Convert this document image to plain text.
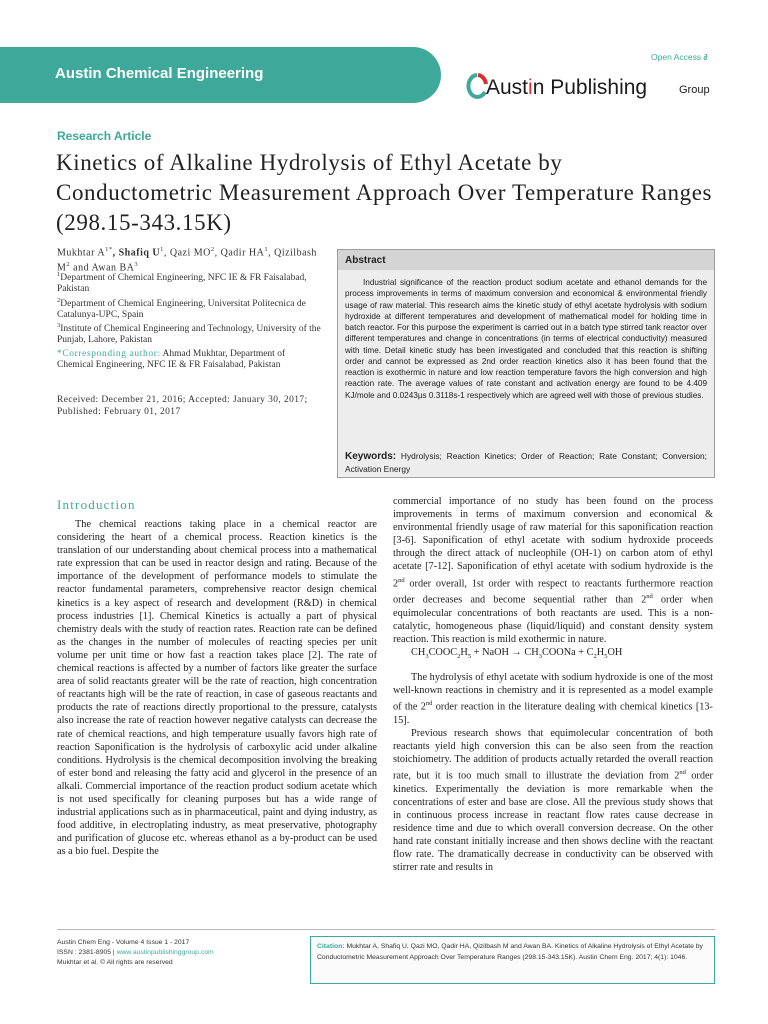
Austin Chemical Engineering
Open Access ∂
Austin Publishing	Group
Research Article
Kinetics of Alkaline Hydrolysis of Ethyl Acetate by Conductometric Measurement Approach Over Temperature Ranges (298.15-343.15K)
Mukhtar $A^{1*}$, Shafiq $U^1$, Qazi $MO^2$, Qadir $HA^1$, Qizilbash $M^2$ and Awan $BA^3$
$^1$Department of Chemical Engineering, NFC IE & FR Faisalabad, Pakistan
$^2$Department of Chemical Engineering, Universitat Politecnica de Catalunya-UPC, Spain
$^3$Institute of Chemical Engineering and Technology, University of the Punjab, Lahore, Pakistan
*Corresponding author: Ahmad Mukhtar, Department of Chemical Engineering, NFC IE & FR Faisalabad, Pakistan
Received: December 21, 2016; Accepted: January 30, 2017; Published: February 01, 2017
Abstract
Industrial significance of the reaction product sodium acetate and ethanol demands for the process improvements in terms of maximum conversion and economical & environmental friendly usage of raw material. This research aims the kinetic study of ethyl acetate hydrolysis with sodium hydroxide at different temperatures and development of mathematical model for holding time in batch reactor. For this purpose the experiment is carried out in a batch type stirred tank reactor over different temperatures and change in concentrations (in terms of electrical conductivity) measured with time. Detail kinetic study has been investigated and concluded that this reaction is shifting order and cannot be expressed as 2nd order reaction kinetics also it has been found that the reaction is exothermic in nature and low reaction temperature favors the high conversion and high reaction rate. The average values of rate constant and activation energy are found to be 4.409 KJ/mole and 0.0243µs 0.3118s-1 respectively which are agreed well with those of previous studies.
Keywords: Hydrolysis; Reaction Kinetics; Order of Reaction; Rate Constant; Conversion; Activation Energy
Introduction

The chemical reactions taking place in a chemical reactor are considering the heart of a chemical process. Reaction kinetics is the translation of our understanding about chemical process into a mathematical rate expression that can be used in reactor design and rating. Because of the importance of the development of performance models to stimulate the reactor fundamental parameters, comprehensive reactor design chemical kinetics is a key aspect of research and development (R&D) in chemical process industries [1]. Chemical Kinetics is actually a part of physical chemistry deals with the study of reaction rates. Reaction rate can be defined as the changes in the number of molecules of reacting species per unit volume per unit time or how fast a reaction takes place [2]. The rate of chemical reactions is affected by a number of factors like greater the surface area of solid reactants greater will be the rate of reaction, high concentration of reactants high will be the rate of reaction, in case of gaseous reactants and products the rate of reactions directly proportional to the pressure, catalysts also increase the rate of reaction however negative catalysts can decrease the rate of chemical reactions, and high temperature usually favors high rate of reaction Saponification is the hydrolysis of carboxylic acid under alkaline conditions. Hydrolysis is the chemical decomposition involving the breaking of ester bond and releasing the fatty acid and glycerol in the presence of an alkali. Commercial importance of the reaction product sodium acetate which is not used specifically for cleaning purposes but has a wide range of industrial applications such as in pharmaceutical, paint and dying industry, as food additive, in electroplating industry, as meat preservative, photography and purification of glucose etc. whereas ethanol as a by-product can be used as a bio fuel. Despite the

commercial importance of no study has been found on the process improvements in terms of maximum conversion and economical & environmental friendly usage of raw material for this saponification reaction [3-6]. Saponification of ethyl acetate with sodium hydroxide proceeds through the direct attack of nucleophile (OH-1) on carbon atom of ethyl acetate [7-12]. Saponification of ethyl acetate with sodium hydroxide is the 2nd order overall, 1st order with respect to reactants furthermore reaction order decreases and become sequential rather than 2nd order when equimolecular concentrations of both reactants are used. This is a non-catalytic, homogeneous phase (liquid/liquid) and constant density system reaction. This reaction is mild exothermic in nature.

$CH_3COOC_2H_5$ + NaOH → $CH_3COONa + C_2H_5OH$

The hydrolysis of ethyl acetate with sodium hydroxide is one of the most well-known reactions in chemistry and it is represented as a model example of the 2nd order reaction in the literature dealing with chemical kinetics [13-15].

Previous research shows that equimolecular concentration of both reactants yield high conversion this can be also seen from the reaction stoichiometry. The addition of products actually retarded the overall reaction rate, but it is too much small to illustrate the deviation from 2nd order kinetics. Experimentally the deviation is more remarkable when the concentrations of ester and base are close. All the previous study shows that in continuous process increase in reactant flow rates cause decrease in residence time and due to which overall conversion decrease. On the other hand rate constant initially increase and then shows decline with the reactant flow rate. The dramatically decrease in conductivity can be observed with stirrer rate and results in

Austin Chem Eng - Volume 4 Issue 1 - 2017
ISSN : 2381-8905 | www.austinpublishinggroup.com
Mukhtar et al. © All rights are reserved
Citation: Mukhtar A, Shafiq U, Qazi MO, Qadir HA, Qizilbash M and Awan BA. Kinetics of Alkaline Hydrolysis of Ethyl Acetate by Conductometric Measurement Approach Over Temperature Ranges (298.15-343.15K). Austin Chem Eng. 2017; 4(1): 1046.
